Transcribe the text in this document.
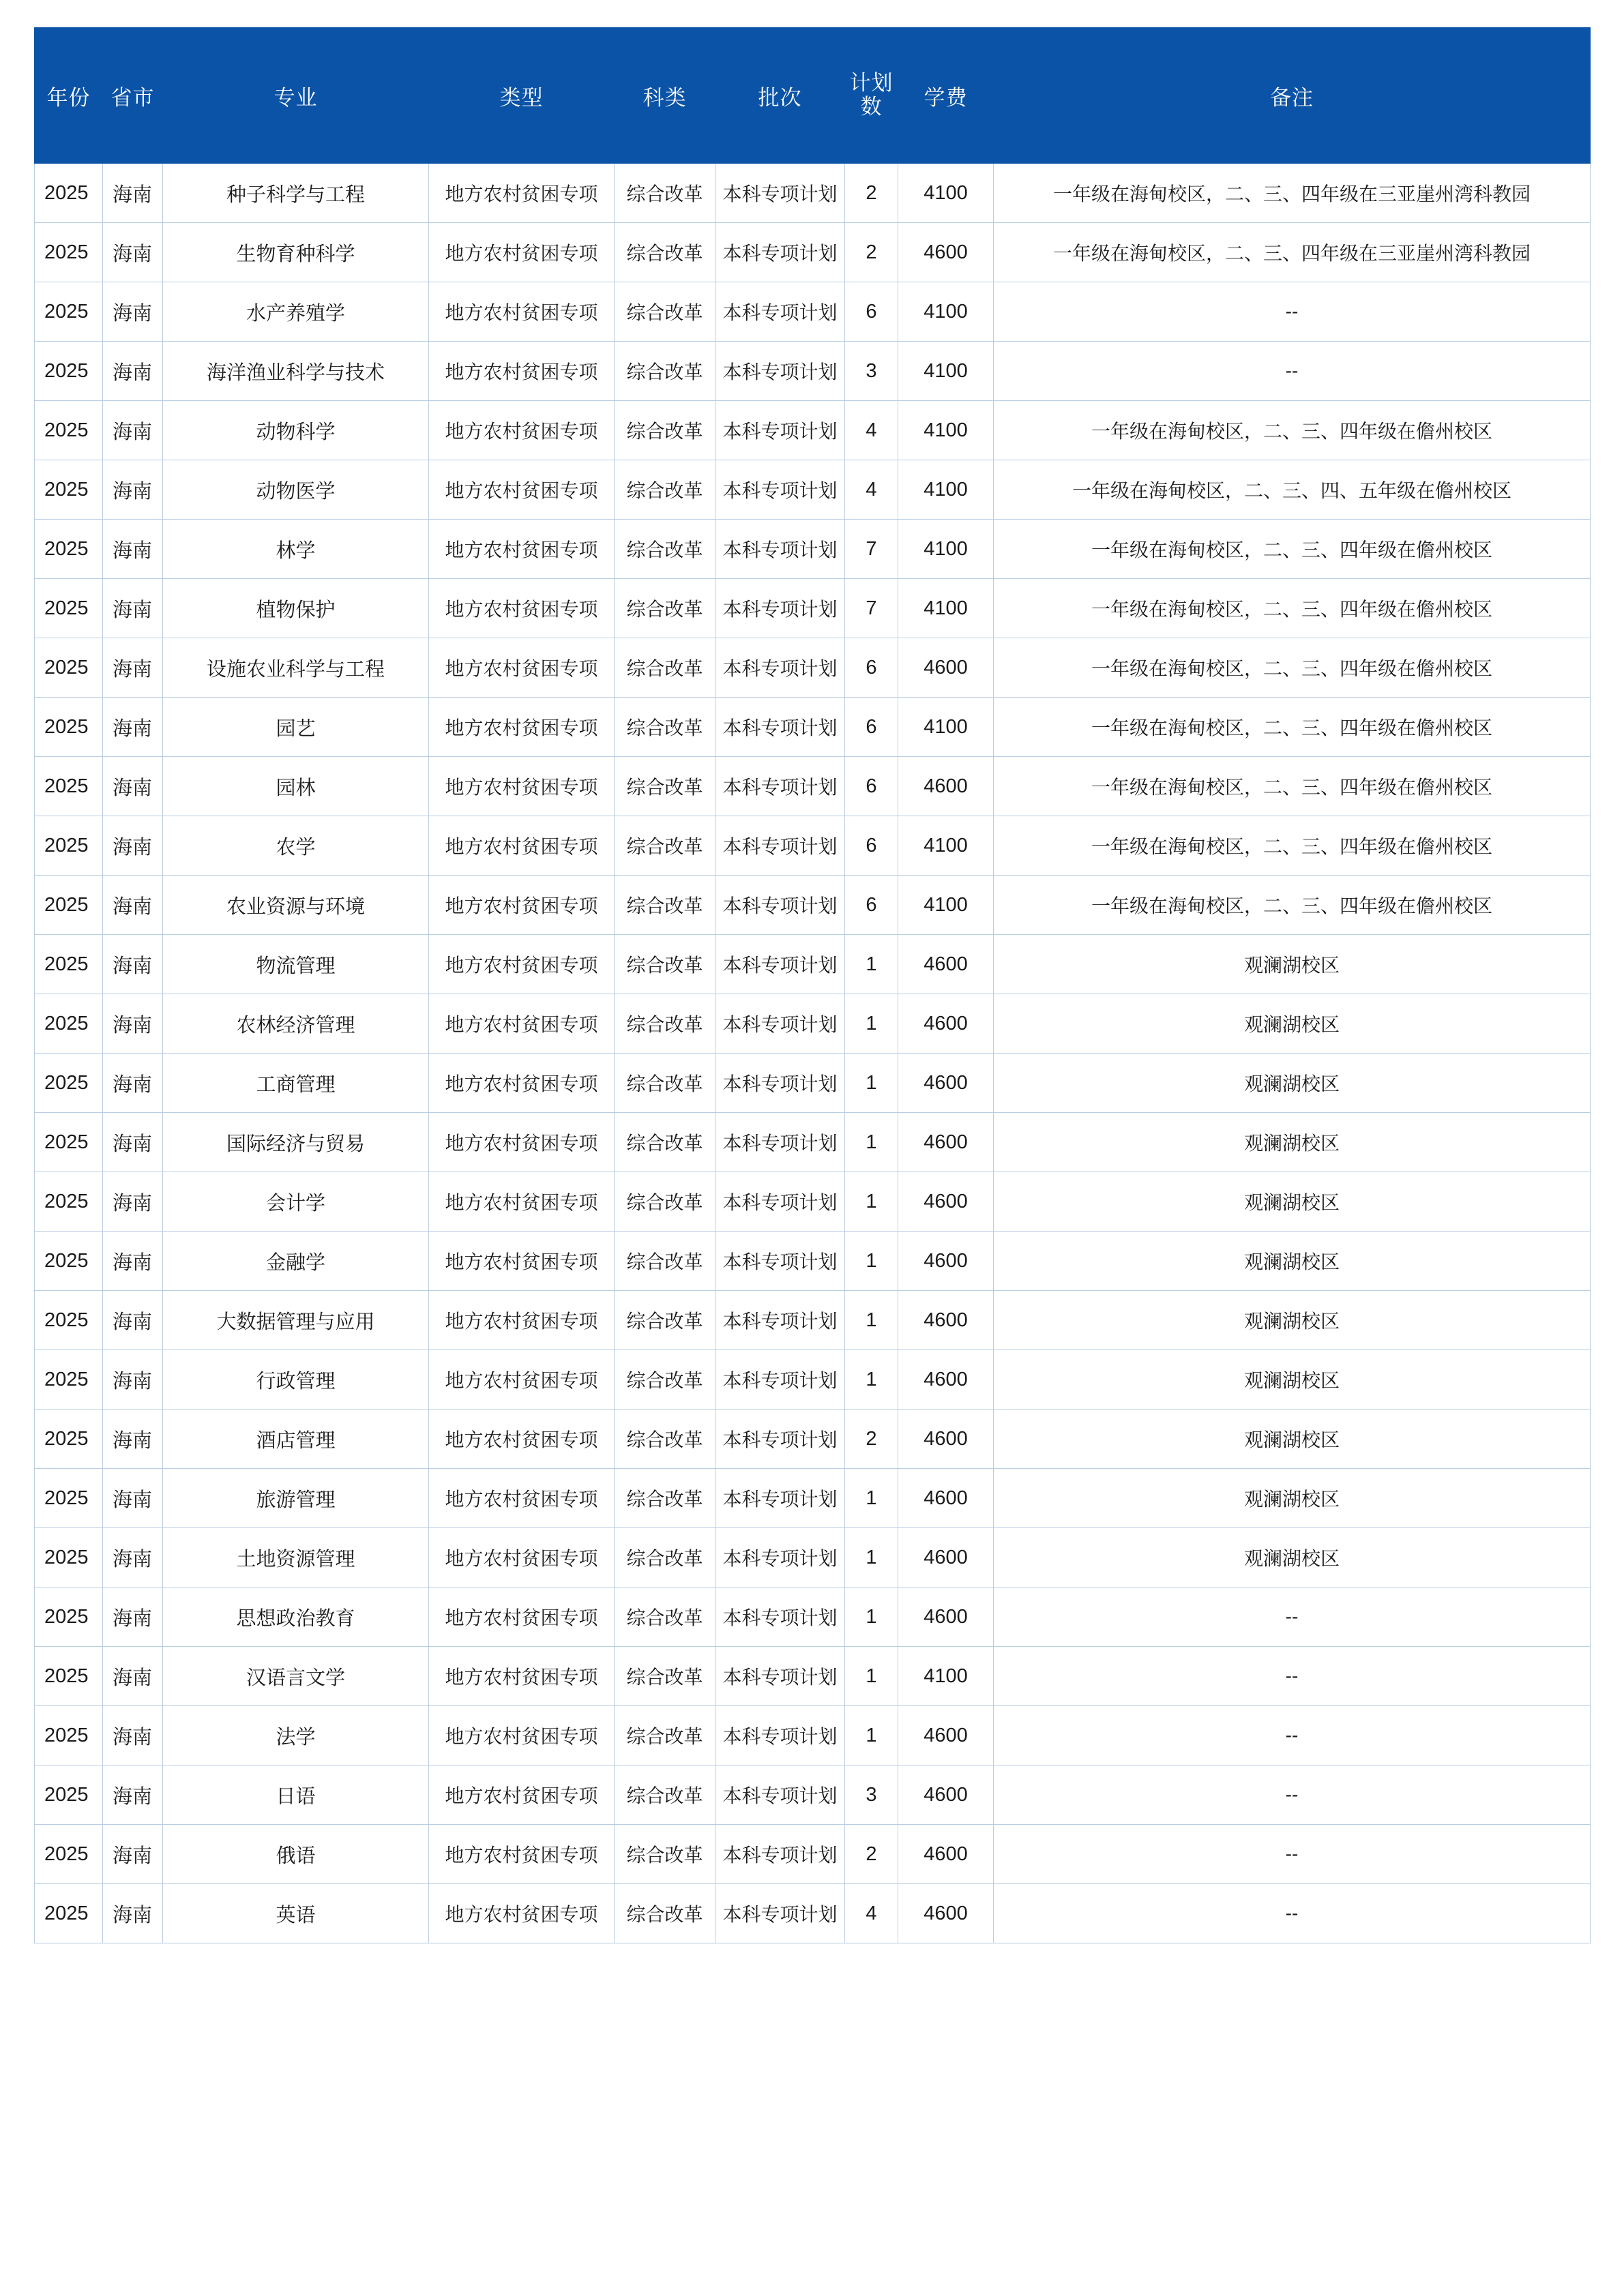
年份	省市	专业	类型	科类	批次	计划数	学费	备注
2025	海南	种子科学与工程	地方农村贫困专项	综合改革	本科专项计划	2	4100	一年级在海甸校区，二、三、四年级在三亚崖州湾科教园
2025	海南	生物育种科学	地方农村贫困专项	综合改革	本科专项计划	2	4600	一年级在海甸校区，二、三、四年级在三亚崖州湾科教园
2025	海南	水产养殖学	地方农村贫困专项	综合改革	本科专项计划	6	4100	--
2025	海南	海洋渔业科学与技术	地方农村贫困专项	综合改革	本科专项计划	3	4100	--
2025	海南	动物科学	地方农村贫困专项	综合改革	本科专项计划	4	4100	一年级在海甸校区，二、三、四年级在儋州校区
2025	海南	动物医学	地方农村贫困专项	综合改革	本科专项计划	4	4100	一年级在海甸校区，二、三、四、五年级在儋州校区
2025	海南	林学	地方农村贫困专项	综合改革	本科专项计划	7	4100	一年级在海甸校区，二、三、四年级在儋州校区
2025	海南	植物保护	地方农村贫困专项	综合改革	本科专项计划	7	4100	一年级在海甸校区，二、三、四年级在儋州校区
2025	海南	设施农业科学与工程	地方农村贫困专项	综合改革	本科专项计划	6	4600	一年级在海甸校区，二、三、四年级在儋州校区
2025	海南	园艺	地方农村贫困专项	综合改革	本科专项计划	6	4100	一年级在海甸校区，二、三、四年级在儋州校区
2025	海南	园林	地方农村贫困专项	综合改革	本科专项计划	6	4600	一年级在海甸校区，二、三、四年级在儋州校区
2025	海南	农学	地方农村贫困专项	综合改革	本科专项计划	6	4100	一年级在海甸校区，二、三、四年级在儋州校区
2025	海南	农业资源与环境	地方农村贫困专项	综合改革	本科专项计划	6	4100	一年级在海甸校区，二、三、四年级在儋州校区
2025	海南	物流管理	地方农村贫困专项	综合改革	本科专项计划	1	4600	观澜湖校区
2025	海南	农林经济管理	地方农村贫困专项	综合改革	本科专项计划	1	4600	观澜湖校区
2025	海南	工商管理	地方农村贫困专项	综合改革	本科专项计划	1	4600	观澜湖校区
2025	海南	国际经济与贸易	地方农村贫困专项	综合改革	本科专项计划	1	4600	观澜湖校区
2025	海南	会计学	地方农村贫困专项	综合改革	本科专项计划	1	4600	观澜湖校区
2025	海南	金融学	地方农村贫困专项	综合改革	本科专项计划	1	4600	观澜湖校区
2025	海南	大数据管理与应用	地方农村贫困专项	综合改革	本科专项计划	1	4600	观澜湖校区
2025	海南	行政管理	地方农村贫困专项	综合改革	本科专项计划	1	4600	观澜湖校区
2025	海南	酒店管理	地方农村贫困专项	综合改革	本科专项计划	2	4600	观澜湖校区
2025	海南	旅游管理	地方农村贫困专项	综合改革	本科专项计划	1	4600	观澜湖校区
2025	海南	土地资源管理	地方农村贫困专项	综合改革	本科专项计划	1	4600	观澜湖校区
2025	海南	思想政治教育	地方农村贫困专项	综合改革	本科专项计划	1	4600	--
2025	海南	汉语言文学	地方农村贫困专项	综合改革	本科专项计划	1	4100	--
2025	海南	法学	地方农村贫困专项	综合改革	本科专项计划	1	4600	--
2025	海南	日语	地方农村贫困专项	综合改革	本科专项计划	3	4600	--
2025	海南	俄语	地方农村贫困专项	综合改革	本科专项计划	2	4600	--
2025	海南	英语	地方农村贫困专项	综合改革	本科专项计划	4	4600	--
